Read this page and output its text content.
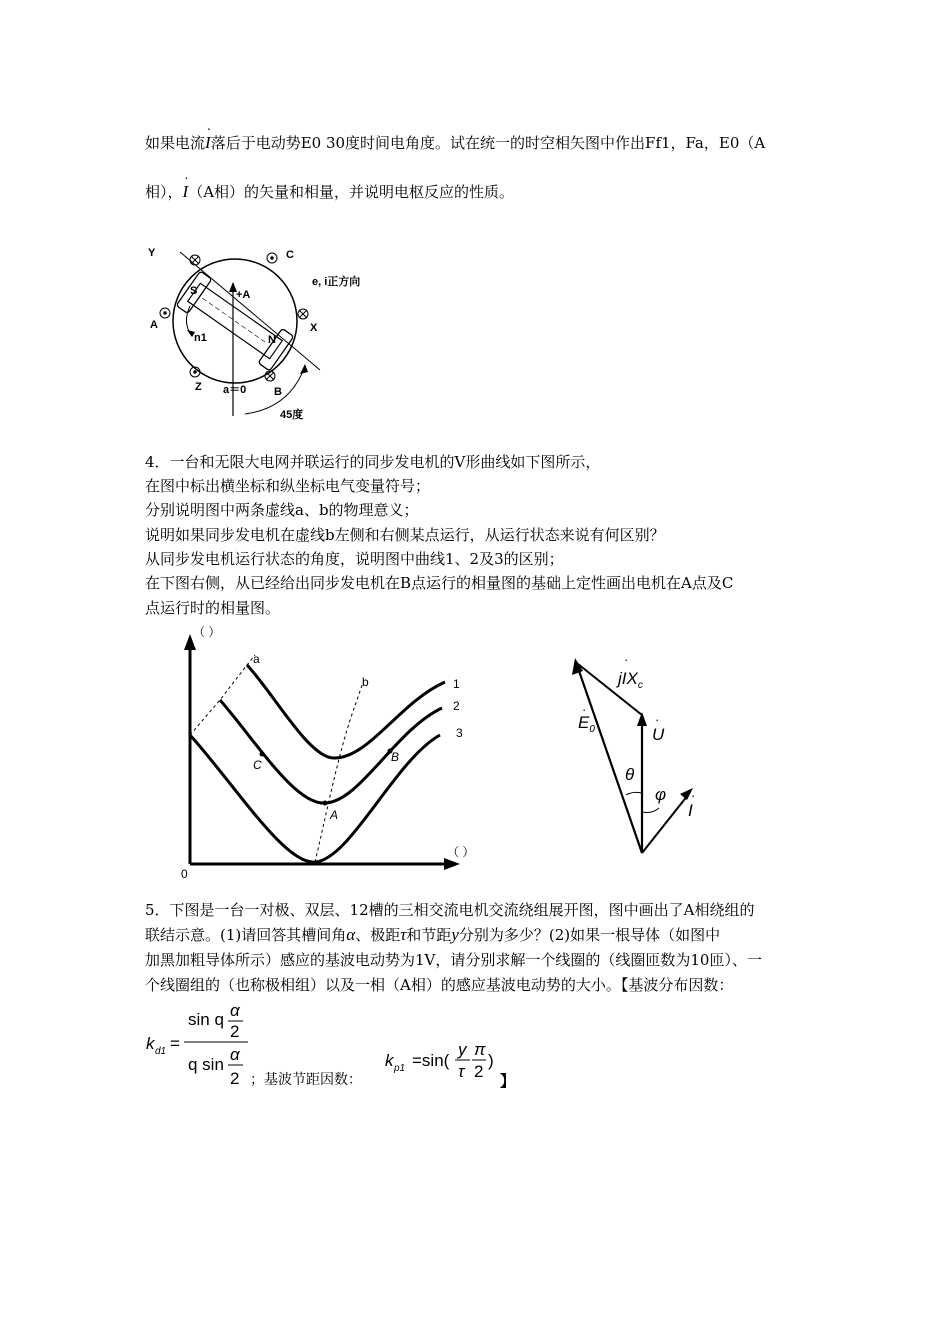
如果电流· I落后于电动势E0 30度时间电角度。试在统一的时空相矢图中作出Ff1，Fa，E0（A
相），· I（A相）的矢量和相量，并说明电枢反应的性质。
Y	C
A	X
Z	B
S
N
+A
n1
a＝0
45度
e, i正方向
4．一台和无限大电网并联运行的同步发电机的V形曲线如下图所示，
在图中标出横坐标和纵坐标电气变量符号；
分别说明图中两条虚线a、b的物理意义；
说明如果同步发电机在虚线b左侧和右侧某点运行，从运行状态来说有何区别？
从同步发电机运行状态的角度，说明图中曲线1、2及3的区别；
在下图右侧，从已经给出同步发电机在B点运行的相量图的基础上定性画出电机在A点及C
点运行时的相量图。
（ ）
（ ）
0
a
b	1
2
3
C
A
B
jIX$_c$
$E_0$	U
θ
φ
I
·
·
·
·
5．下图是一台一对极、双层、12槽的三相交流电机交流绕组展开图，图中画出了A相绕组的
联结示意。(1)请回答其槽间角α、极距τ和节距y分别为多少？(2)如果一根导体（如图中
加黑加粗导体所示）感应的基波电动势为1V，请分别求解一个线圈的（线圈匝数为10匝）、一
个线圈组的（也称极相组）以及一相（A相）的感应基波电动势的大小。【基波分布因数：
k d1 =
sin q α
2
q sin
α
2
k p1 =sin(
y
τ
π
2
)
；基波节距因数：	】
